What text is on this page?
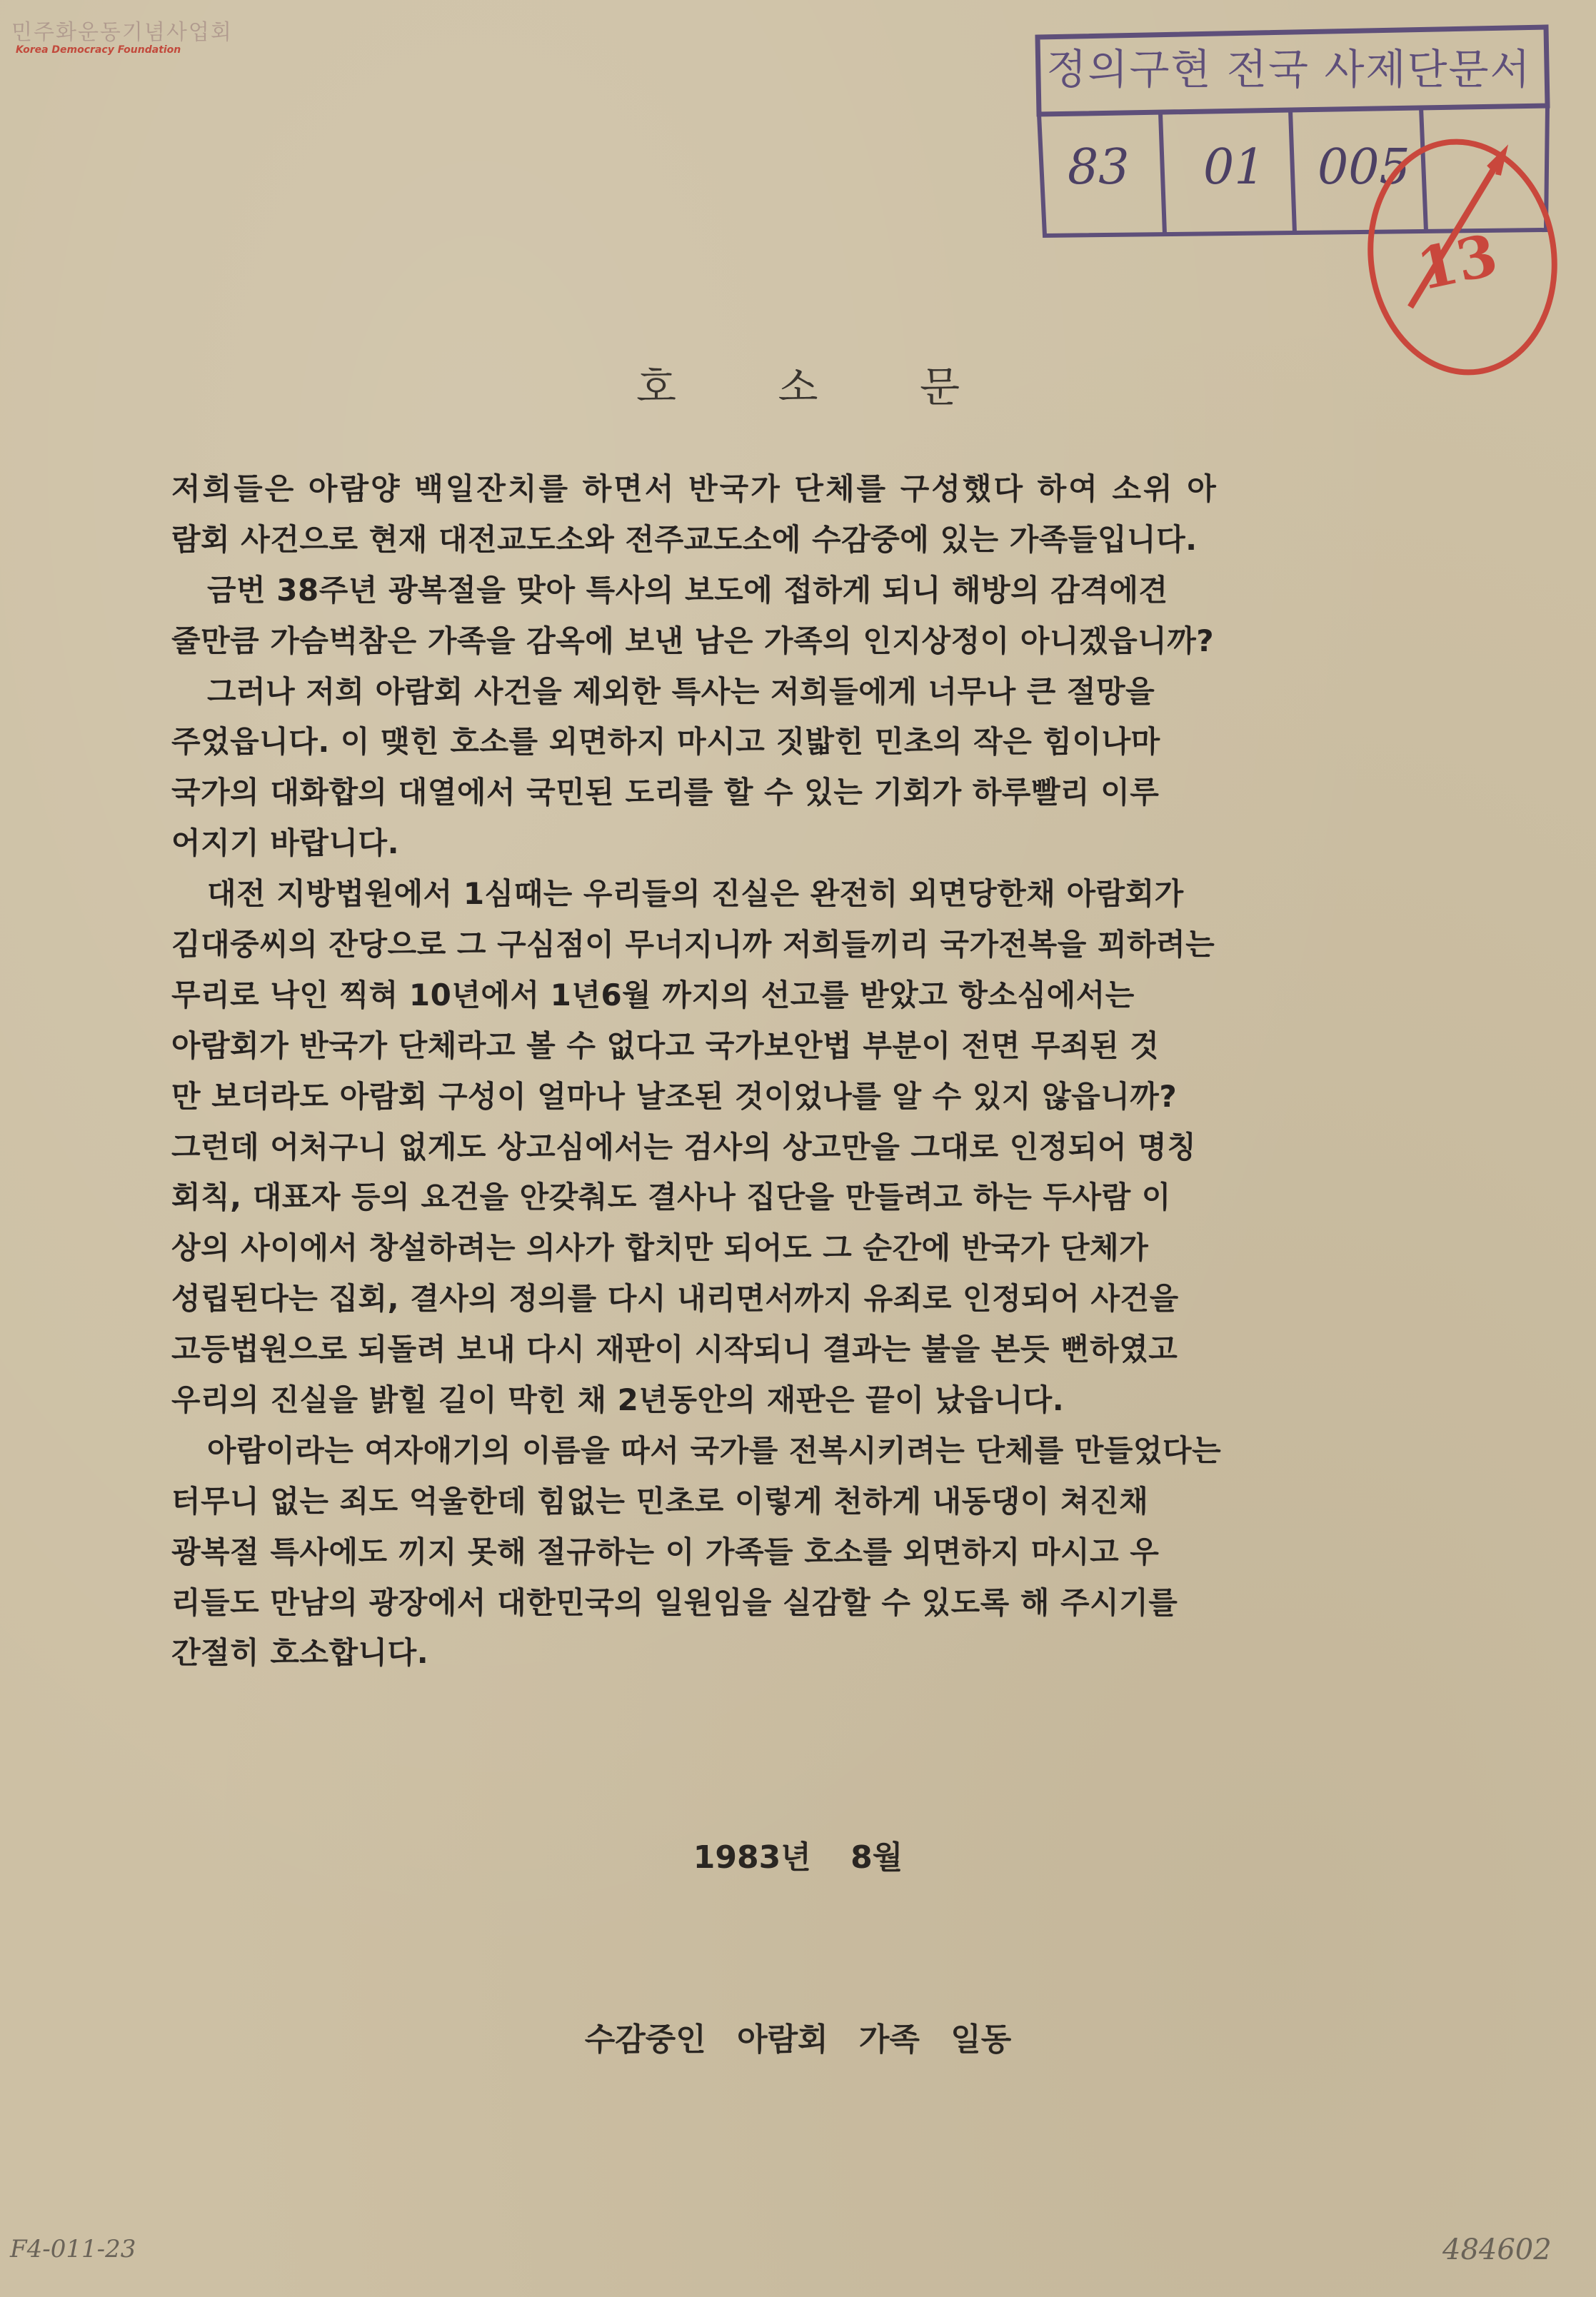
민주화운동기념사업회
Korea Democracy Foundation	정의구현 전국 사제단문서
83 01 005
13
호 소 문
저희들은 아람양 백일잔치를 하면서 반국가 단체를 구성했다 하여 소위 아
람회 사건으로 현재 대전교도소와 전주교도소에 수감중에 있는 가족들입니다.
금번 38주년 광복절을 맞아 특사의 보도에 접하게 되니 해방의 감격에견
줄만큼 가슴벅참은 가족을 감옥에 보낸 남은 가족의 인지상정이 아니겠읍니까?
그러나 저희 아람회 사건을 제외한 특사는 저희들에게 너무나 큰 절망을
주었읍니다. 이 맺힌 호소를 외면하지 마시고 짓밟힌 민초의 작은 힘이나마
국가의 대화합의 대열에서 국민된 도리를 할 수 있는 기회가 하루빨리 이루
어지기 바랍니다.
대전 지방법원에서 1심때는 우리들의 진실은 완전히 외면당한채 아람회가
김대중씨의 잔당으로 그 구심점이 무너지니까 저희들끼리 국가전복을 꾀하려는
무리로 낙인 찍혀 10년에서 1년6월 까지의 선고를 받았고 항소심에서는
아람회가 반국가 단체라고 볼 수 없다고 국가보안법 부분이 전면 무죄된 것
만 보더라도 아람회 구성이 얼마나 날조된 것이었나를 알 수 있지 않읍니까?
그런데 어처구니 없게도 상고심에서는 검사의 상고만을 그대로 인정되어 명칭
회칙, 대표자 등의 요건을 안갖춰도 결사나 집단을 만들려고 하는 두사람 이
상의 사이에서 창설하려는 의사가 합치만 되어도 그 순간에 반국가 단체가
성립된다는 집회, 결사의 정의를 다시 내리면서까지 유죄로 인정되어 사건을
고등법원으로 되돌려 보내 다시 재판이 시작되니 결과는 불을 본듯 뻔하였고
우리의 진실을 밝힐 길이 막힌 채 2년동안의 재판은 끝이 났읍니다.
아람이라는 여자애기의 이름을 따서 국가를 전복시키려는 단체를 만들었다는
터무니 없는 죄도 억울한데 힘없는 민초로 이렇게 천하게 내동댕이 쳐진채
광복절 특사에도 끼지 못해 절규하는 이 가족들 호소를 외면하지 마시고 우
리들도 만남의 광장에서 대한민국의 일원임을 실감할 수 있도록 해 주시기를
간절히 호소합니다.
1983년 8월
수감중인 아람회 가족 일동
F4-011-23	484602
